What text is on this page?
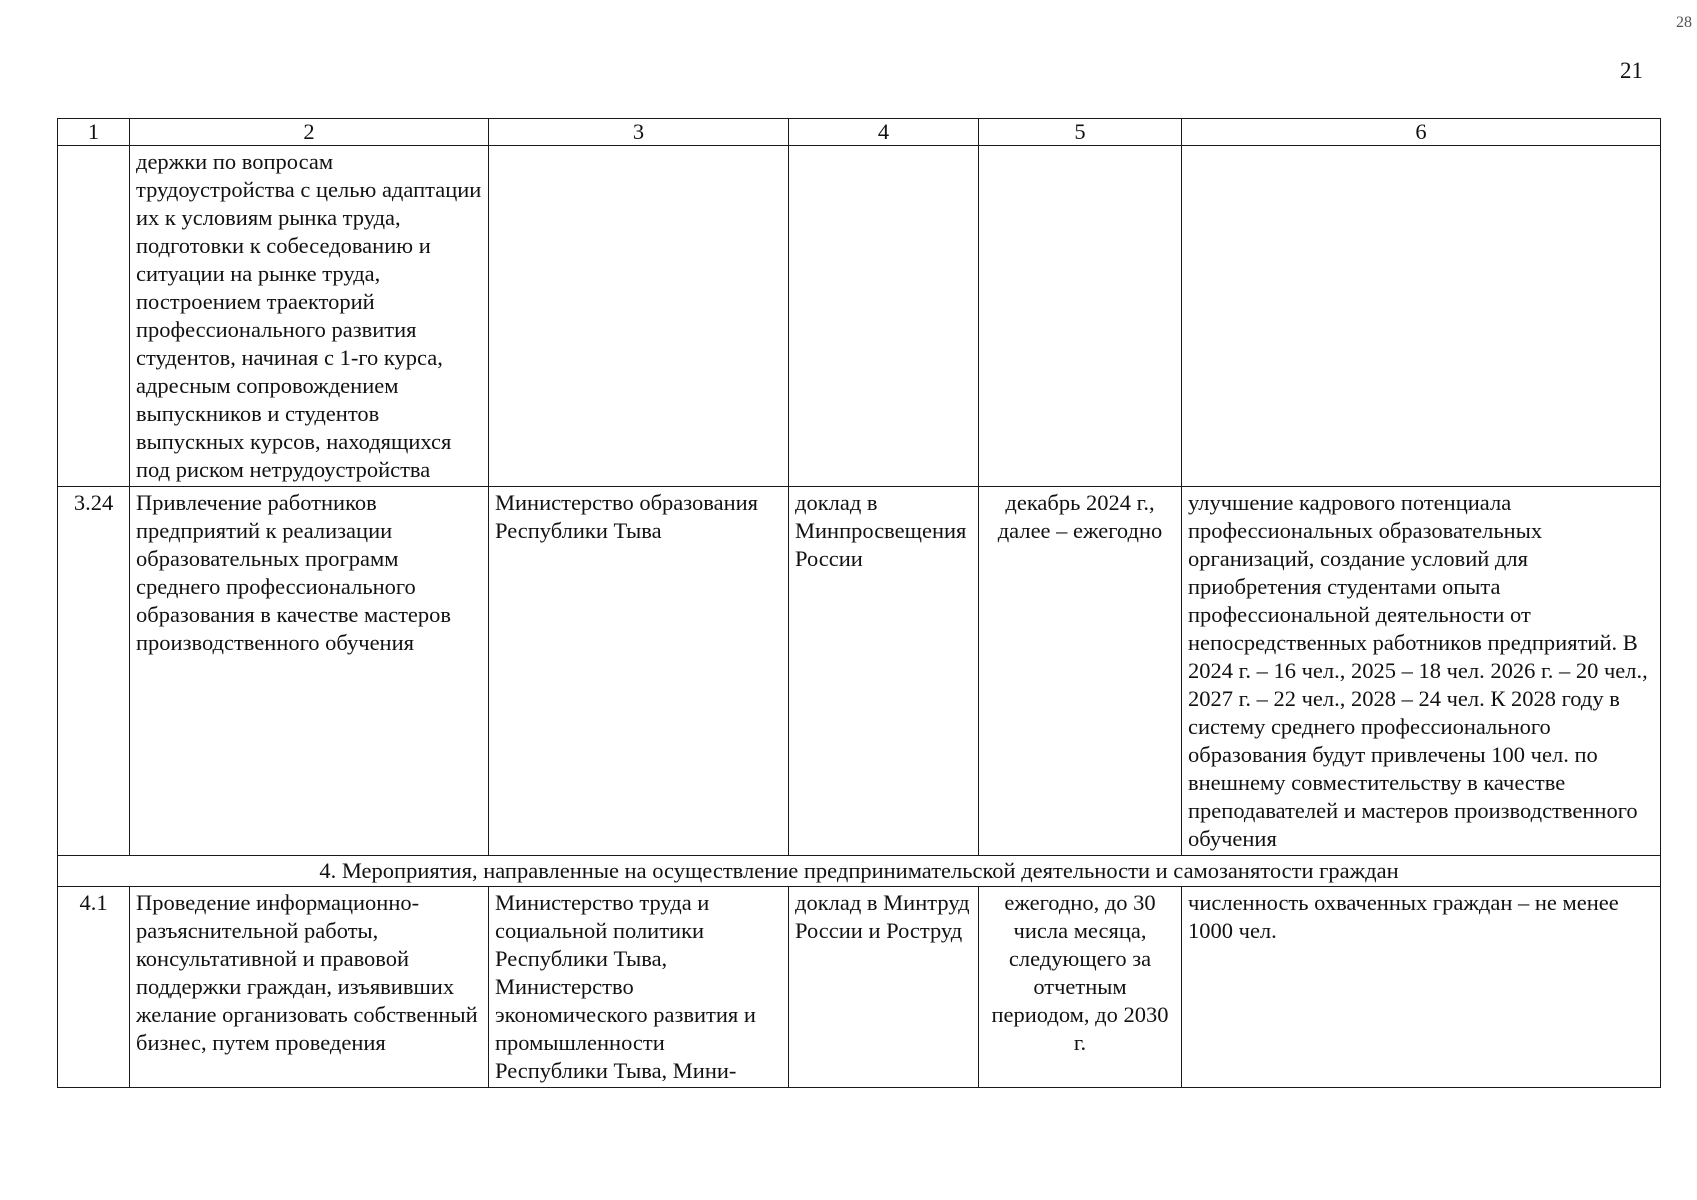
21
28
1	2	3	4	5	6
	держки по вопросам трудоустройства с целью адаптации их к условиям рынка труда, подготовки к собеседованию и ситуации на рынке труда, построением траекторий профессионального развития студентов, начиная с 1-го курса, адресным сопровождением выпускников и студентов выпускных курсов, находящихся под риском нетрудоустройства				
3.24	Привлечение работников предприятий к реализации образовательных программ среднего профессионального образования в качестве мастеров производственного обучения	Министерство образования Республики Тыва	доклад в Минпросвещения России	декабрь 2024 г., далее – ежегодно	улучшение кадрового потенциала профессиональных образовательных организаций, создание условий для приобретения студентами опыта профессиональной деятельности от непосредственных работников предприятий. В 2024 г. – 16 чел., 2025 – 18 чел. 2026 г. – 20 чел., 2027 г. – 22 чел., 2028 – 24 чел. К 2028 году в систему среднего профессионального образования будут привлечены 100 чел. по внешнему совместительству в качестве преподавателей и мастеров производственного обучения
4. Мероприятия, направленные на осуществление предпринимательской деятельности и самозанятости граждан					
4.1	Проведение информационно-разъяснительной работы, консультативной и правовой поддержки граждан, изъявивших желание организовать собственный бизнес, путем проведения	Министерство труда и социальной политики Республики Тыва, Министерство экономического развития и промышленности Республики Тыва, Мини-	доклад в Минтруд России и Роструд	ежегодно, до 30 числа месяца, следующего за отчетным периодом, до 2030 г.	численность охваченных граждан – не менее 1000 чел.
